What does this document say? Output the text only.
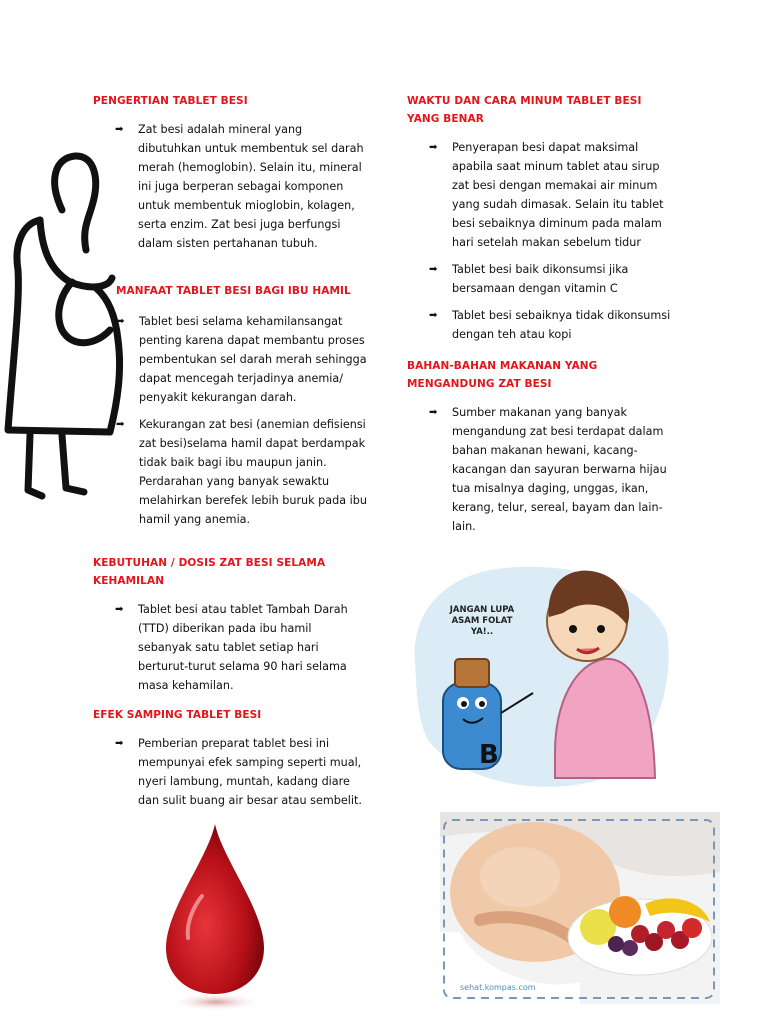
PENGERTIAN TABLET BESI
➡ Zat besi adalah mineral yang dibutuhkan untuk membentuk sel darah merah (hemoglobin). Selain itu, mineral ini juga berperan sebagai komponen untuk membentuk mioglobin, kolagen, serta enzim. Zat besi juga berfungsi dalam sisten pertahanan tubuh.
MANFAAT TABLET BESI BAGI IBU HAMIL
➡ Tablet besi selama kehamilansangat penting karena dapat membantu proses pembentukan sel darah merah sehingga dapat mencegah terjadinya anemia/ penyakit kekurangan darah.
➡ Kekurangan zat besi (anemian defisiensi zat besi)selama hamil dapat berdampak tidak baik bagi ibu maupun janin. Perdarahan yang banyak sewaktu melahirkan berefek lebih buruk pada ibu hamil yang anemia.
KEBUTUHAN / DOSIS ZAT BESI SELAMA KEHAMILAN
➡ Tablet besi atau tablet Tambah Darah (TTD) diberikan pada ibu hamil sebanyak satu tablet setiap hari berturut-turut selama 90 hari selama masa kehamilan.
EFEK SAMPING TABLET BESI
➡ Pemberian preparat tablet besi ini mempunyai efek samping seperti mual, nyeri lambung, muntah, kadang diare dan sulit buang air besar atau sembelit.
WAKTU DAN CARA MINUM TABLET BESI YANG BENAR
➡ Penyerapan besi dapat maksimal apabila saat minum tablet atau sirup zat besi dengan memakai air minum yang sudah dimasak. Selain itu tablet besi sebaiknya diminum pada malam hari setelah makan sebelum tidur
➡ Tablet besi baik dikonsumsi jika bersamaan dengan vitamin C
➡ Tablet besi sebaiknya tidak dikonsumsi dengan teh atau kopi
BAHAN-BAHAN MAKANAN YANG MENGANDUNG ZAT BESI
➡ Sumber makanan yang banyak mengandung zat besi terdapat dalam bahan makanan hewani, kacang-kacangan dan sayuran berwarna hijau tua misalnya daging, unggas, ikan, kerang, telur, sereal, bayam dan lain-lain.
B
JANGAN LUPA ASAM FOLAT YA!..
sehat.kompas.com
